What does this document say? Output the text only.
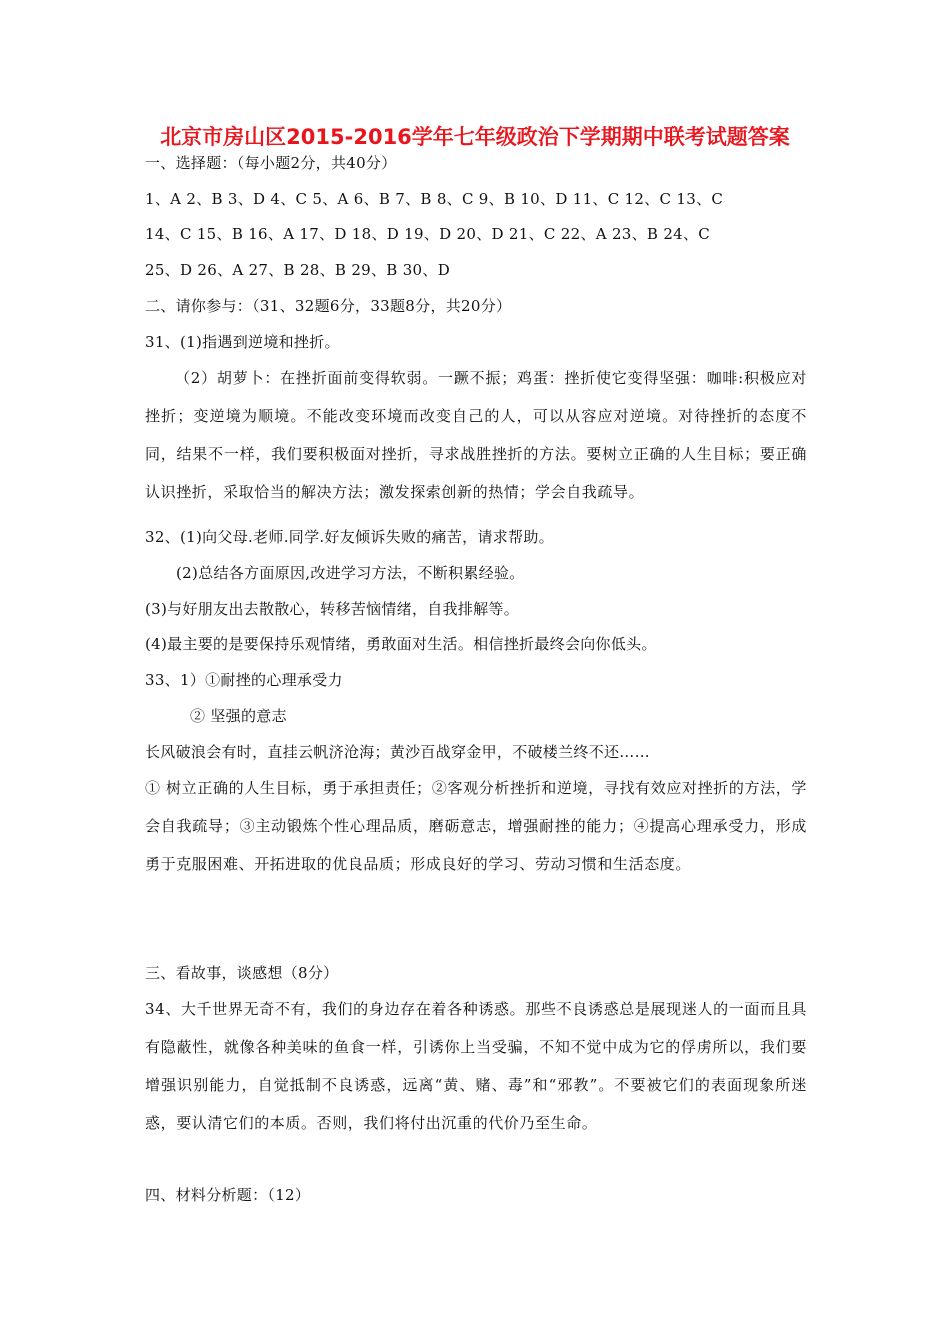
北京市房山区2015-2016学年七年级政治下学期期中联考试题答案
一、选择题：（每小题2分，共40分）
1、A 2、B 3、D 4、C 5、A 6、B 7、B 8、C 9、B 10、D 11、C 12、C 13、C
14、C 15、B 16、A 17、D 18、D 19、D 20、D 21、C 22、A 23、B 24、C
25、D 26、A 27、B 28、B 29、B 30、D
二、请你参与：（31、32题6分，33题8分，共20分）
31、(1)指遇到逆境和挫折。
（2）胡萝卜：在挫折面前变得软弱。一蹶不振；鸡蛋：挫折使它变得坚强：咖啡:积极应对挫折；变逆境为顺境。不能改变环境而改变自己的人，可以从容应对逆境。对待挫折的态度不同，结果不一样，我们要积极面对挫折，寻求战胜挫折的方法。要树立正确的人生目标；要正确认识挫折，采取恰当的解决方法；激发探索创新的热情；学会自我疏导。
32、(1)向父母.老师.同学.好友倾诉失败的痛苦，请求帮助。
(2)总结各方面原因,改进学习方法，不断积累经验。
(3)与好朋友出去散散心，转移苦恼情绪，自我排解等。
(4)最主要的是要保持乐观情绪，勇敢面对生活。相信挫折最终会向你低头。
33、1）①耐挫的心理承受力
② 坚强的意志
长风破浪会有时，直挂云帆济沧海；黄沙百战穿金甲，不破楼兰终不还……
① 树立正确的人生目标，勇于承担责任；②客观分析挫折和逆境，寻找有效应对挫折的方法，学会自我疏导；③主动锻炼个性心理品质，磨砺意志，增强耐挫的能力；④提高心理承受力，形成勇于克服困难、开拓进取的优良品质；形成良好的学习、劳动习惯和生活态度。
三、看故事，谈感想（8分）
34、大千世界无奇不有，我们的身边存在着各种诱惑。那些不良诱惑总是展现迷人的一面而且具有隐蔽性，就像各种美味的鱼食一样，引诱你上当受骗，不知不觉中成为它的俘虏所以，我们要增强识别能力，自觉抵制不良诱惑，远离“黄、赌、毒”和“邪教”。不要被它们的表面现象所迷惑，要认清它们的本质。否则，我们将付出沉重的代价乃至生命。
四、材料分析题：（12）
